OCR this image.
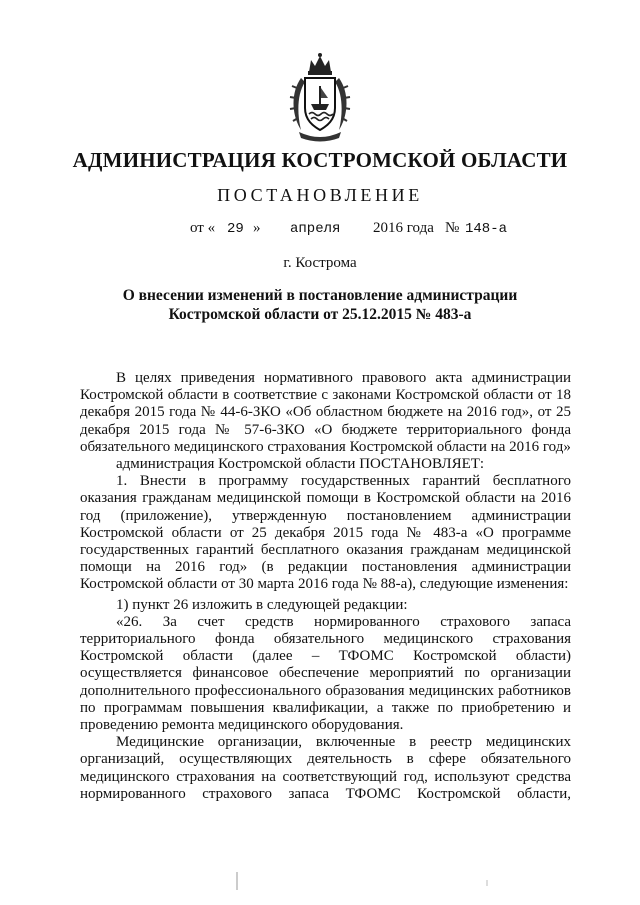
АДМИНИСТРАЦИЯ КОСТРОМСКОЙ ОБЛАСТИ
ПОСТАНОВЛЕНИЕ
от « 29 » апреля 2016 года № 148-а
г. Кострома
О внесении изменений в постановление администрации
Костромской области от 25.12.2015 № 483-а

В целях приведения нормативного правового акта администрации Костромской области в соответствие с законами Костромской области от 18 декабря 2015 года № 44-6-ЗКО «Об областном бюджете на 2016 год», от 25 декабря 2015 года № 57-6-ЗКО «О бюджете территориального фонда обязательного медицинского страхования Костромской области на 2016 год»

администрация Костромской области ПОСТАНОВЛЯЕТ:

1. Внести в программу государственных гарантий бесплатного оказания гражданам медицинской помощи в Костромской области на 2016 год (приложение), утвержденную постановлением администрации Костромской области от 25 декабря 2015 года № 483-а «О программе государственных гарантий бесплатного оказания гражданам медицинской помощи на 2016 год» (в редакции постановления администрации Костромской области от 30 марта 2016 года № 88-а), следующие изменения:

1) пункт 26 изложить в следующей редакции:

«26. За счет средств нормированного страхового запаса территориального фонда обязательного медицинского страхования Костромской области (далее – ТФОМС Костромской области) осуществляется финансовое обеспечение мероприятий по организации дополнительного профессионального образования медицинских работников по программам повышения квалификации, а также по приобретению и проведению ремонта медицинского оборудования.

Медицинские организации, включенные в реестр медицинских организаций, осуществляющих деятельность в сфере обязательного медицинского страхования на соответствующий год, используют средства нормированного страхового запаса ТФОМС Костромской области,
